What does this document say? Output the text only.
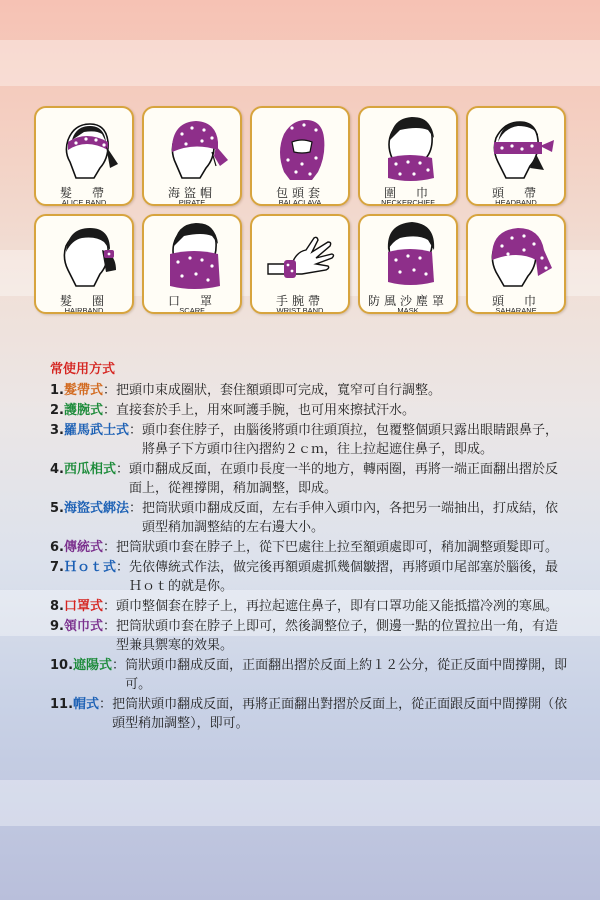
髮　帶
ALICE BAND
海盜帽
PIRATE
包頭套
BALACLAVA
圍　巾
NECKERCHIEF
頭　帶
HEADBAND
髮　圈
HAIRBAND
口　罩
SCARF
手腕帶
WRIST BAND
防風沙塵罩
MASK
頭　巾
SAHARANE
常使用方式
1. 髮帶式 ： 把頭巾束成圈狀，套住額頭即可完成，寬窄可自行調整。
2. 護腕式 ： 直接套於手上，用來呵護手腕，也可用來擦拭汗水。
3. 羅馬武士式 ： 頭巾套住脖子，由腦後將頭巾往頭頂拉，包覆整個頭只露出眼睛跟鼻子，將鼻子下方頭巾往內摺約２ｃｍ，往上拉起遮住鼻子，即成。
4. 西瓜相式 ： 頭巾翻成反面，在頭巾長度一半的地方，轉兩圈，再將一端正面翻出摺於反面上，從裡撐開，稍加調整，即成。
5. 海盜式綁法 ： 把筒狀頭巾翻成反面，左右手伸入頭巾內，各把另一端抽出，打成結，依頭型稍加調整結的左右邊大小。
6. 傳統式 ： 把筒狀頭巾套在脖子上，從下巴處往上拉至額頭處即可，稍加調整頭髮即可。
7. Ｈｏｔ式 ： 先依傳統式作法，做完後再額頭處抓幾個皺摺，再將頭巾尾部塞於腦後，最Ｈｏｔ的就是你。
8. 口罩式 ： 頭巾整個套在脖子上，再拉起遮住鼻子，即有口罩功能又能抵擋冷冽的寒風。
9. 領巾式 ： 把筒狀頭巾套在脖子上即可，然後調整位子，側邊一點的位置拉出一角，有造型兼具禦寒的效果。
10. 遮陽式 ： 筒狀頭巾翻成反面，正面翻出摺於反面上約１２公分，從正反面中間撐開，即可。
11. 帽式 ： 把筒狀頭巾翻成反面，再將正面翻出對摺於反面上，從正面跟反面中間撐開（依頭型稍加調整），即可。
